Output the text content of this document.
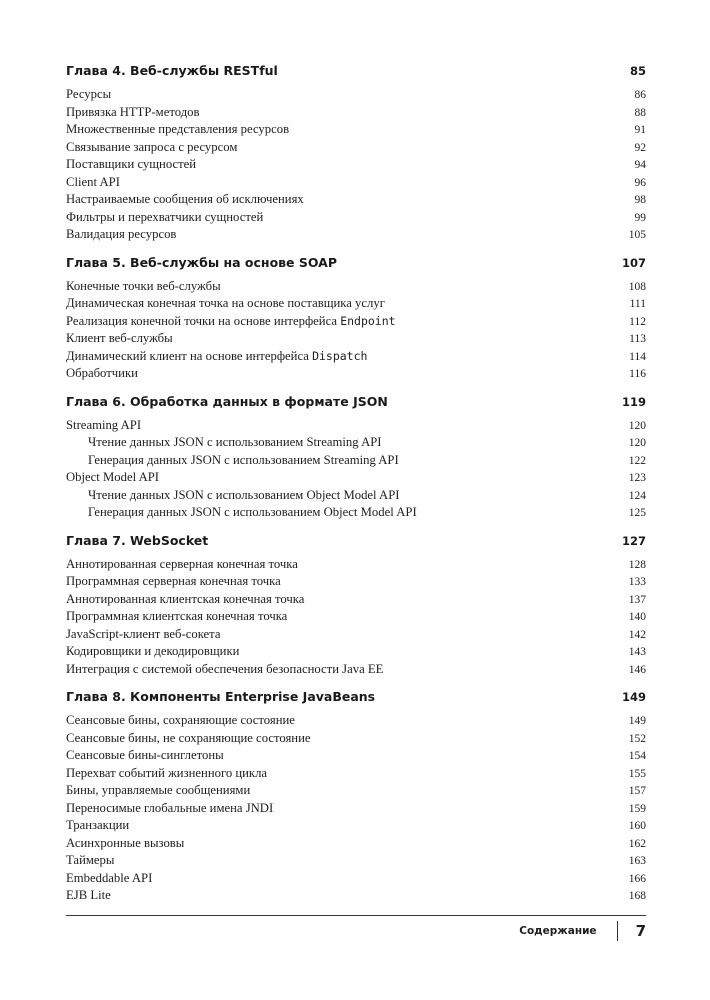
Глава 4. Веб-службы RESTful	85
Ресурсы	86
Привязка HTTP-методов	88
Множественные представления ресурсов	91
Связывание запроса с ресурсом	92
Поставщики сущностей	94
Client API	96
Настраиваемые сообщения об исключениях	98
Фильтры и перехватчики сущностей	99
Валидация ресурсов	105
Глава 5. Веб-службы на основе SOAP	107
Конечные точки веб-службы	108
Динамическая конечная точка на основе поставщика услуг	111
Реализация конечной точки на основе интерфейса Endpoint	112
Клиент веб-службы	113
Динамический клиент на основе интерфейса Dispatch	114
Обработчики	116
Глава 6. Обработка данных в формате JSON	119
Streaming API	120
Чтение данных JSON с использованием Streaming API	120
Генерация данных JSON с использованием Streaming API	122
Object Model API	123
Чтение данных JSON с использованием Object Model API	124
Генерация данных JSON с использованием Object Model API	125
Глава 7. WebSocket	127
Аннотированная серверная конечная точка	128
Программная серверная конечная точка	133
Аннотированная клиентская конечная точка	137
Программная клиентская конечная точка	140
JavaScript-клиент веб-сокета	142
Кодировщики и декодировщики	143
Интеграция с системой обеспечения безопасности Java EE	146
Глава 8. Компоненты Enterprise JavaBeans	149
Сеансовые бины, сохраняющие состояние	149
Сеансовые бины, не сохраняющие состояние	152
Сеансовые бины-синглетоны	154
Перехват событий жизненного цикла	155
Бины, управляемые сообщениями	157
Переносимые глобальные имена JNDI	159
Транзакции	160
Асинхронные вызовы	162
Таймеры	163
Embeddable API	166
EJB Lite	168
Содержание	7
